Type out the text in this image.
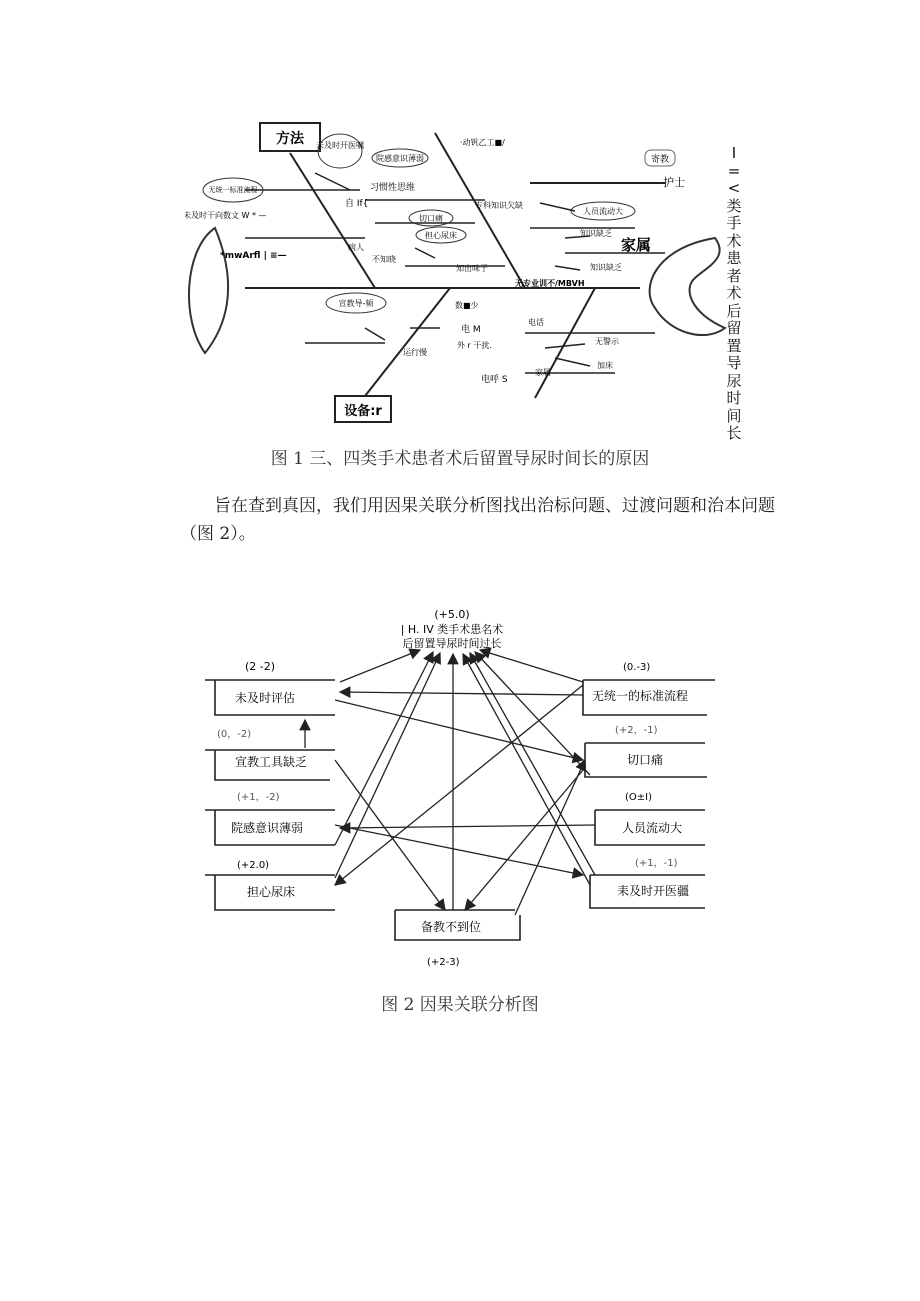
方法
设备:r
护士
寄教
家属
未及时开医嘱
院感意识薄弱
无统一标准流程
未及时干向数文 W * —
*mwArfl | ≡—
习惯性思维
专科知识欠缺
人员流动大
知识缺乏
知识缺乏
切口痛
担心尿床
知出味于
不知晓
宣教导-频
无专业训不/MBVH
电 M
外 r 干扰.
运行慢
电话
无警示
加床
电呼 S
数■少
·动钒乙工■/
自 If{
病人
家属
I =<类手术患者术后留置导尿时间长
图 1 三、四类手术患者术后留置导尿时间长的原因
旨在查到真因，我们用因果关联分析图找出治标问题、过渡问题和治本问题（图 2）。
(+5.0)
| H. IV 类手术患名术
后留置导尿时间过长
(2 -2)
未及时评估
(0，-2)
宣教工具缺乏
(+1，-2)
院感意识薄弱
(+2.0)
担心尿床
备教不到位
(+2-3)
(0.-3)
无统一的标准流程
(+2，-1)
切口痛
(O±I)
人员流动大
(+1，-1)
耒及时开医疆
图 2 因果关联分析图
